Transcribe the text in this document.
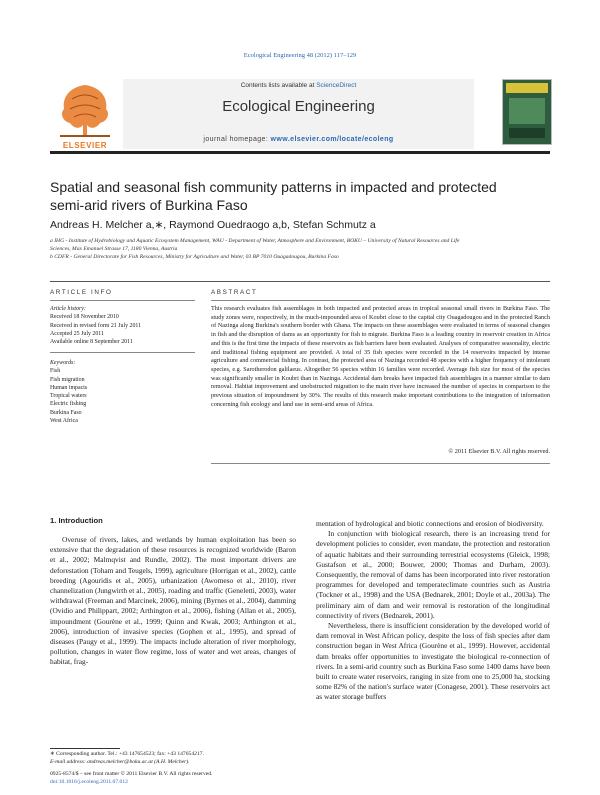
Ecological Engineering 48 (2012) 117–129
ELSEVIER
Contents lists available at ScienceDirect
Ecological Engineering
journal homepage: www.elsevier.com/locate/ecoleng
Spatial and seasonal fish community patterns in impacted and protected
semi-arid rivers of Burkina Faso
Andreas H. Melcher a,∗, Raymond Ouedraogo a,b, Stefan Schmutz a
a IHG - Institute of Hydrobiology and Aquatic Ecosystem Management, WAU - Department of Water, Atmosphere and Environment, BOKU – University of Natural Resources and Life
Sciences, Max Emanuel Strasse 17, 1180 Vienna, Austria
b CDFR - General Directorate for Fish Resources, Ministry for Agriculture and Water, 03 BP 7010 Ouagadougou, Burkina Faso
ARTICLE INFO
Article history:
Received 18 November 2010
Received in revised form 21 July 2011
Accepted 25 July 2011
Available online 8 September 2011
Keywords:
Fish
Fish migration
Human impacts
Tropical waters
Electric fishing
Burkina Faso
West Africa
ABSTRACT
This research evaluates fish assemblages in both impacted and protected areas in tropical seasonal small rivers in Burkina Faso. The study zones were, respectively, in the much-impounded area of Koubri close to the capital city Ouagadougou and in the protected Ranch of Nazinga along Burkina's southern border with Ghana. The impacts on these assemblages were evaluated in terms of seasonal changes in fish and the disruption of dams as an opportunity for fish to migrate. Burkina Faso is a leading country in reservoir creation in Africa and this is the first time the impacts of these reservoirs as fish barriers have been evaluated. Analyses of comparative seasonality, electric and traditional fishing equipment are provided. A total of 35 fish species were recorded in the 14 reservoirs impacted by intense agriculture and commercial fishing. In contrast, the protected area of Nazinga recorded 48 species with a higher frequency of intolerant species, e.g. Sarotherodon galilaeus. Altogether 56 species within 16 families were recorded. Average fish size for most of the species was significantly smaller in Koubri than in Nazinga. Accidental dam breaks have impacted fish assemblages in a manner similar to dam removal. Habitat improvement and unobstructed migration to the main river have increased the number of species in comparison to the previous situation of impoundment by 30%. The results of this research make important contributions to the integration of information concerning fish ecology and land use in semi-arid areas of Africa.
© 2011 Elsevier B.V. All rights reserved.
1. Introduction
Overuse of rivers, lakes, and wetlands by human exploitation has been so extensive that the degradation of these resources is recognized worldwide (Baron et al., 2002; Malmqvist and Rundle, 2002). The most important drivers are deforestation (Toham and Teugels, 1999), agriculture (Horrigan et al., 2002), cattle breeding (Agouridis et al., 2005), urbanization (Awomeso et al., 2010), river channelization (Jungwirth et al., 2005), roading and traffic (Geneletti, 2003), water withdrawal (Freeman and Marcinek, 2006), mining (Byrnes et al., 2004), damming (Ovidio and Philippart, 2002; Arthington et al., 2006), fishing (Allan et al., 2005), impoundment (Gourène et al., 1999; Quinn and Kwak, 2003; Arthington et al., 2006), introduction of invasive species (Gophen et al., 1995), and spread of diseases (Paugy et al., 1999). The impacts include alteration of river morphology, pollution, changes in water flow regime, loss of water and wet areas, changes of habitat, frag-

mentation of hydrological and biotic connections and erosion of biodiversity.

In conjunction with biological research, there is an increasing trend for development policies to consider, even mandate, the protection and restoration of aquatic habitats and their surrounding terrestrial ecosystems (Gleick, 1998; Gustafson et al., 2000; Bouwer, 2000; Thomas and Durham, 2003). Consequently, the removal of dams has been incorporated into river restoration programmes for developed and temperateclimate countries such as Austria (Tockner et al., 1998) and the USA (Bednarek, 2001; Doyle et al., 2003a). The preliminary aim of dam and weir removal is restoration of the longitudinal connectivity of rivers (Bednarek, 2001).

Nevertheless, there is insufficient consideration by the developed world of dam removal in West African policy, despite the loss of fish species after dam construction began in West Africa (Gourène et al., 1999). However, accidental dam breaks offer opportunities to investigate the biological re-connection of rivers. In a semi-arid country such as Burkina Faso some 1400 dams have been built to create water reservoirs, ranging in size from one to 25,000 ha, stocking some 82% of the nation's surface water (Conagese, 2001). These reservoirs act as water storage buffers

∗ Corresponding author. Tel.: +43 147654523; fax: +43 147654217.
E-mail address: andreas.melcher@boku.ac.at (A.H. Melcher).
0925-8574/$ – see front matter © 2011 Elsevier B.V. All rights reserved.
doi:10.1016/j.ecoleng.2011.07.012
